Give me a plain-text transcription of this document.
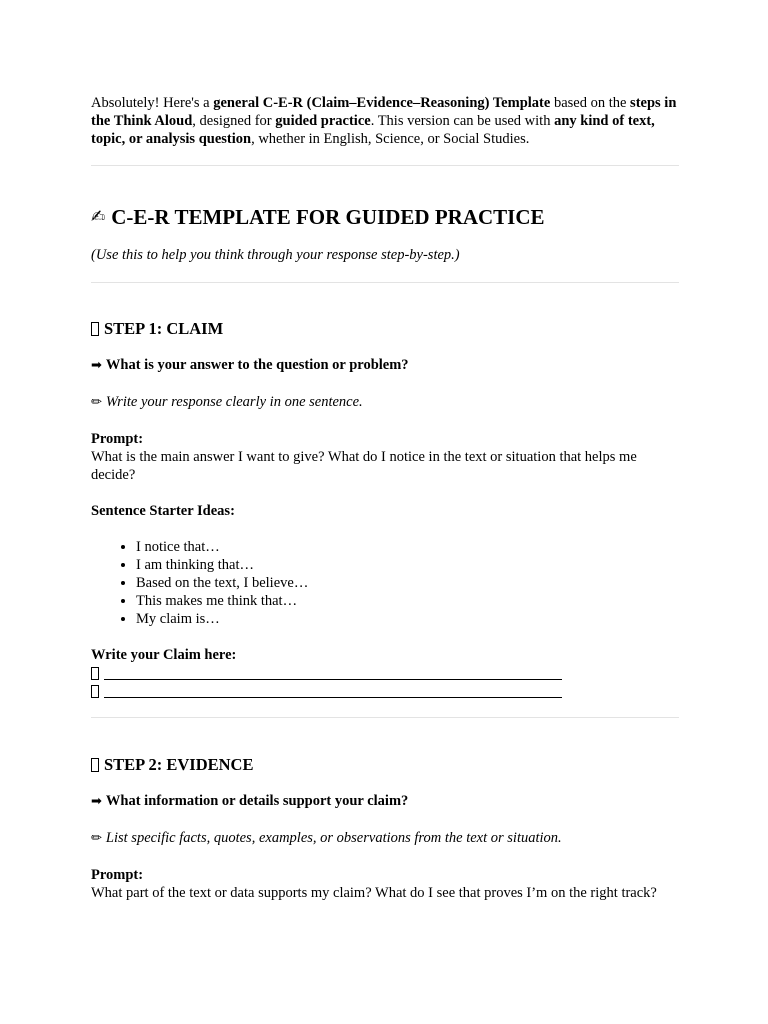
Absolutely! Here's a general C-E-R (Claim–Evidence–Reasoning) Template based on the steps in the Think Aloud, designed for guided practice. This version can be used with any kind of text, topic, or analysis question, whether in English, Science, or Social Studies.

✍ C-E-R TEMPLATE FOR GUIDED PRACTICE

(Use this to help you think through your response step-by-step.)

STEP 1: CLAIM

➡ What is your answer to the question or problem?

✏ Write your response clearly in one sentence.

Prompt:

What is the main answer I want to give? What do I notice in the text or situation that helps me decide?

Sentence Starter Ideas:

• I notice that…
• I am thinking that…
• Based on the text, I believe…
• This makes me think that…
• My claim is…

Write your Claim here:

STEP 2: EVIDENCE

➡ What information or details support your claim?

✏ List specific facts, quotes, examples, or observations from the text or situation.

Prompt:

What part of the text or data supports my claim? What do I see that proves I’m on the right track?
